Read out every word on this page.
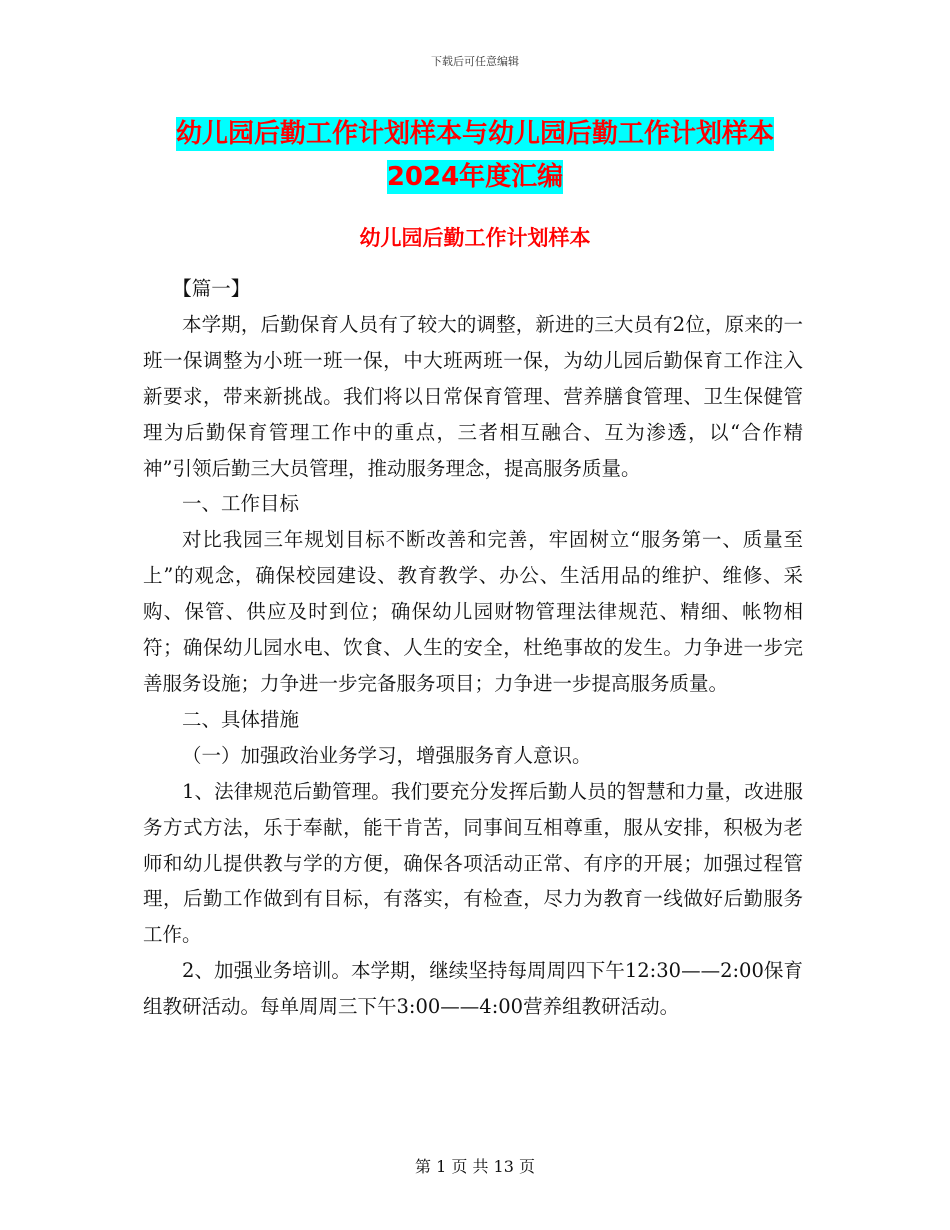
下载后可任意编辑
幼儿园后勤工作计划样本与幼儿园后勤工作计划样本
2024年度汇编
幼儿园后勤工作计划样本

【篇一】

本学期，后勤保育人员有了较大的调整，新进的三大员有2位，原来的一班一保调整为小班一班一保，中大班两班一保，为幼儿园后勤保育工作注入新要求，带来新挑战。我们将以日常保育管理、营养膳食管理、卫生保健管理为后勤保育管理工作中的重点，三者相互融合、互为渗透，以“合作精神”引领后勤三大员管理，推动服务理念，提高服务质量。

一、工作目标

对比我园三年规划目标不断改善和完善，牢固树立“服务第一、质量至上”的观念，确保校园建设、教育教学、办公、生活用品的维护、维修、采购、保管、供应及时到位；确保幼儿园财物管理法律规范、精细、帐物相符；确保幼儿园水电、饮食、人生的安全，杜绝事故的发生。力争进一步完善服务设施；力争进一步完备服务项目；力争进一步提高服务质量。

二、具体措施

（一）加强政治业务学习，增强服务育人意识。

1、法律规范后勤管理。我们要充分发挥后勤人员的智慧和力量，改进服务方式方法，乐于奉献，能干肯苦，同事间互相尊重，服从安排，积极为老师和幼儿提供教与学的方便，确保各项活动正常、有序的开展；加强过程管理，后勤工作做到有目标，有落实，有检查，尽力为教育一线做好后勤服务工作。

2、加强业务培训。本学期，继续坚持每周周四下午12:30——2:00保育组教研活动。每单周周三下午3:00——4:00营养组教研活动。

第 1 页 共 13 页
